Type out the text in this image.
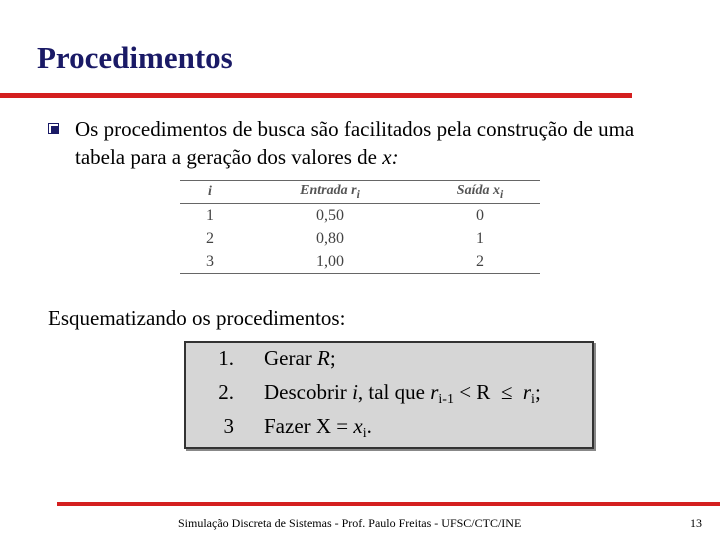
Procedimentos
Os procedimentos de busca são facilitados pela construção de uma tabela para a geração dos valores de x:
i	Entrada $r_i$	Saída $x_i$
1	0,50	0
2	0,80	1
3	1,00	2
Esquematizando os procedimentos:
1. Gerar R;
2. Descobrir i, tal que $r_{i-1} < R \le r_i$;
3 Fazer $X = x_i$.
Simulação Discreta de Sistemas - Prof. Paulo Freitas - UFSC/CTC/INE	13
